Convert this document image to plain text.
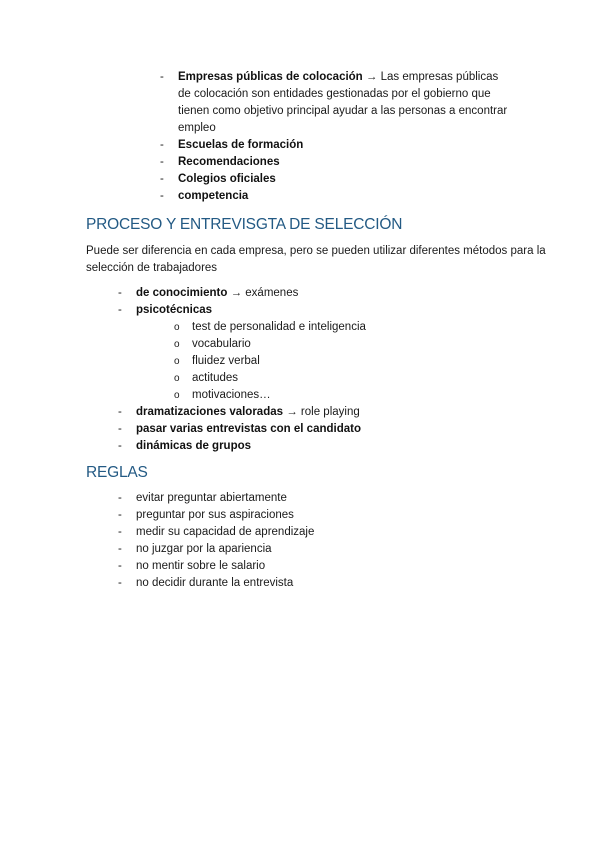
- Empresas públicas de colocación → Las empresas públicas de colocación son entidades gestionadas por el gobierno que tienen como objetivo principal ayudar a las personas a encontrar empleo
- Escuelas de formación
- Recomendaciones
- Colegios oficiales
- competencia
PROCESO Y ENTREVISGTA DE SELECCIÓN

Puede ser diferencia en cada empresa, pero se pueden utilizar diferentes métodos para la selección de trabajadores

- de conocimiento → exámenes
- psicotécnicas
o test de personalidad e inteligencia
o vocabulario
o fluidez verbal
o actitudes
o motivaciones…
- dramatizaciones valoradas → role playing
- pasar varias entrevistas con el candidato
- dinámicas de grupos
REGLAS
- evitar preguntar abiertamente
- preguntar por sus aspiraciones
- medir su capacidad de aprendizaje
- no juzgar por la apariencia
- no mentir sobre le salario
- no decidir durante la entrevista
